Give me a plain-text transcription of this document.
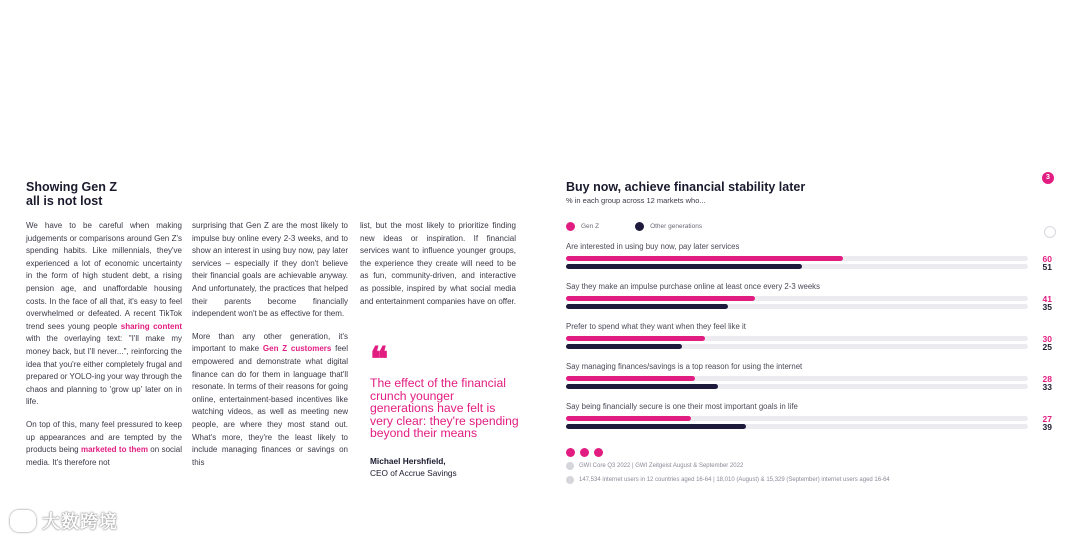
Showing Gen Z
all is not lost

We have to be careful when making judgements or comparisons around Gen Z's spending habits. Like millennials, they've experienced a lot of economic uncertainty in the form of high student debt, a rising pension age, and unaffordable housing costs. In the face of all that, it's easy to feel overwhelmed or defeated. A recent TikTok trend sees young people sharing content with the overlaying text: "I'll make my money back, but I'll never...", reinforcing the idea that you're either completely frugal and prepared or YOLO-ing your way through the chaos and planning to 'grow up' later on in life.

On top of this, many feel pressured to keep up appearances and are tempted by the products being marketed to them on social media. It's therefore not

surprising that Gen Z are the most likely to impulse buy online every 2-3 weeks, and to show an interest in using buy now, pay later services – especially if they don't believe their financial goals are achievable anyway. And unfortunately, the practices that helped their parents become financially independent won't be as effective for them.

More than any other generation, it's important to make Gen Z customers feel empowered and demonstrate what digital finance can do for them in language that'll resonate. In terms of their reasons for going online, entertainment-based incentives like watching videos, as well as meeting new people, are where they most stand out. What's more, they're the least likely to include managing finances or savings on this

list, but the most likely to prioritize finding new ideas or inspiration. If financial services want to influence younger groups, the experience they create will need to be as fun, community-driven, and interactive as possible, inspired by what social media and entertainment companies have on offer.

❝
The effect of the financial crunch younger generations have felt is very clear: they're spending beyond their means
Michael Hershfield,
CEO of Accrue Savings
Buy now, achieve financial stability later
% in each group across 12 markets who...
Gen Z	Other generations
Are interested in using buy now, pay later services
60
51
Say they make an impulse purchase online at least once every 2-3 weeks
41
35
Prefer to spend what they want when they feel like it
30
25
Say managing finances/savings is a top reason for using the internet
28
33
Say being financially secure is one their most important goals in life
27
39
GWI Core Q3 2022 | GWI Zeitgeist August & September 2022
147,534 internet users in 12 countries aged 16-64 | 18,010 (August) & 15,329 (September) internet users aged 16-64
3
大数跨境
